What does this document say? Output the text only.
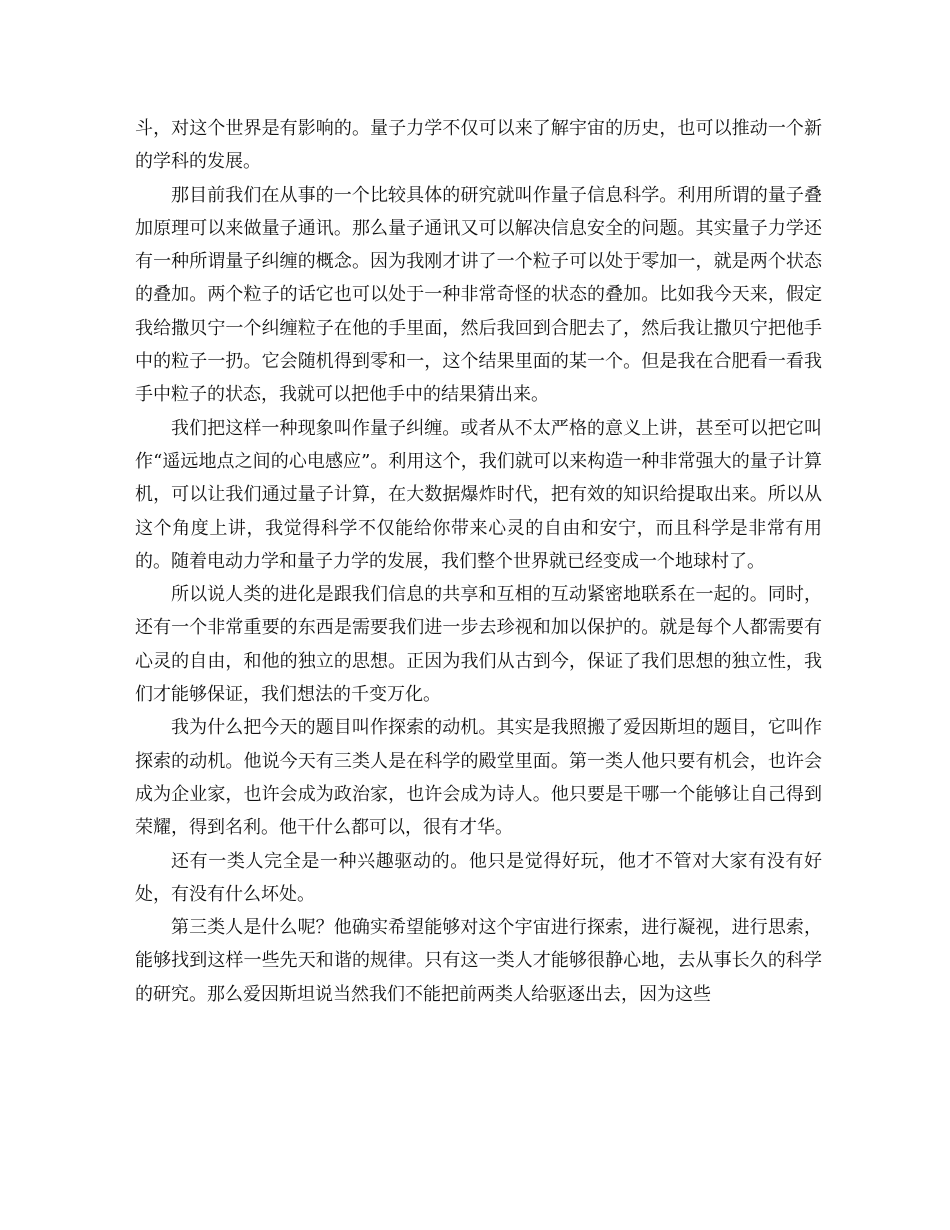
斗，对这个世界是有影响的。量子力学不仅可以来了解宇宙的历史，也可以推动一个新的学科的发展。

那目前我们在从事的一个比较具体的研究就叫作量子信息科学。利用所谓的量子叠加原理可以来做量子通讯。那么量子通讯又可以解决信息安全的问题。其实量子力学还有一种所谓量子纠缠的概念。因为我刚才讲了一个粒子可以处于零加一，就是两个状态的叠加。两个粒子的话它也可以处于一种非常奇怪的状态的叠加。比如我今天来，假定我给撒贝宁一个纠缠粒子在他的手里面，然后我回到合肥去了，然后我让撒贝宁把他手中的粒子一扔。它会随机得到零和一，这个结果里面的某一个。但是我在合肥看一看我手中粒子的状态，我就可以把他手中的结果猜出来。

我们把这样一种现象叫作量子纠缠。或者从不太严格的意义上讲，甚至可以把它叫作“遥远地点之间的心电感应”。利用这个，我们就可以来构造一种非常强大的量子计算机，可以让我们通过量子计算，在大数据爆炸时代，把有效的知识给提取出来。所以从这个角度上讲，我觉得科学不仅能给你带来心灵的自由和安宁，而且科学是非常有用的。随着电动力学和量子力学的发展，我们整个世界就已经变成一个地球村了。

所以说人类的进化是跟我们信息的共享和互相的互动紧密地联系在一起的。同时，还有一个非常重要的东西是需要我们进一步去珍视和加以保护的。就是每个人都需要有心灵的自由，和他的独立的思想。正因为我们从古到今，保证了我们思想的独立性，我们才能够保证，我们想法的千变万化。

我为什么把今天的题目叫作探索的动机。其实是我照搬了爱因斯坦的题目，它叫作探索的动机。他说今天有三类人是在科学的殿堂里面。第一类人他只要有机会，也许会成为企业家，也许会成为政治家，也许会成为诗人。他只要是干哪一个能够让自己得到荣耀，得到名利。他干什么都可以，很有才华。

还有一类人完全是一种兴趣驱动的。他只是觉得好玩，他才不管对大家有没有好处，有没有什么坏处。

第三类人是什么呢？他确实希望能够对这个宇宙进行探索，进行凝视，进行思索，能够找到这样一些先天和谐的规律。只有这一类人才能够很静心地，去从事长久的科学的研究。那么爱因斯坦说当然我们不能把前两类人给驱逐出去，因为这些
